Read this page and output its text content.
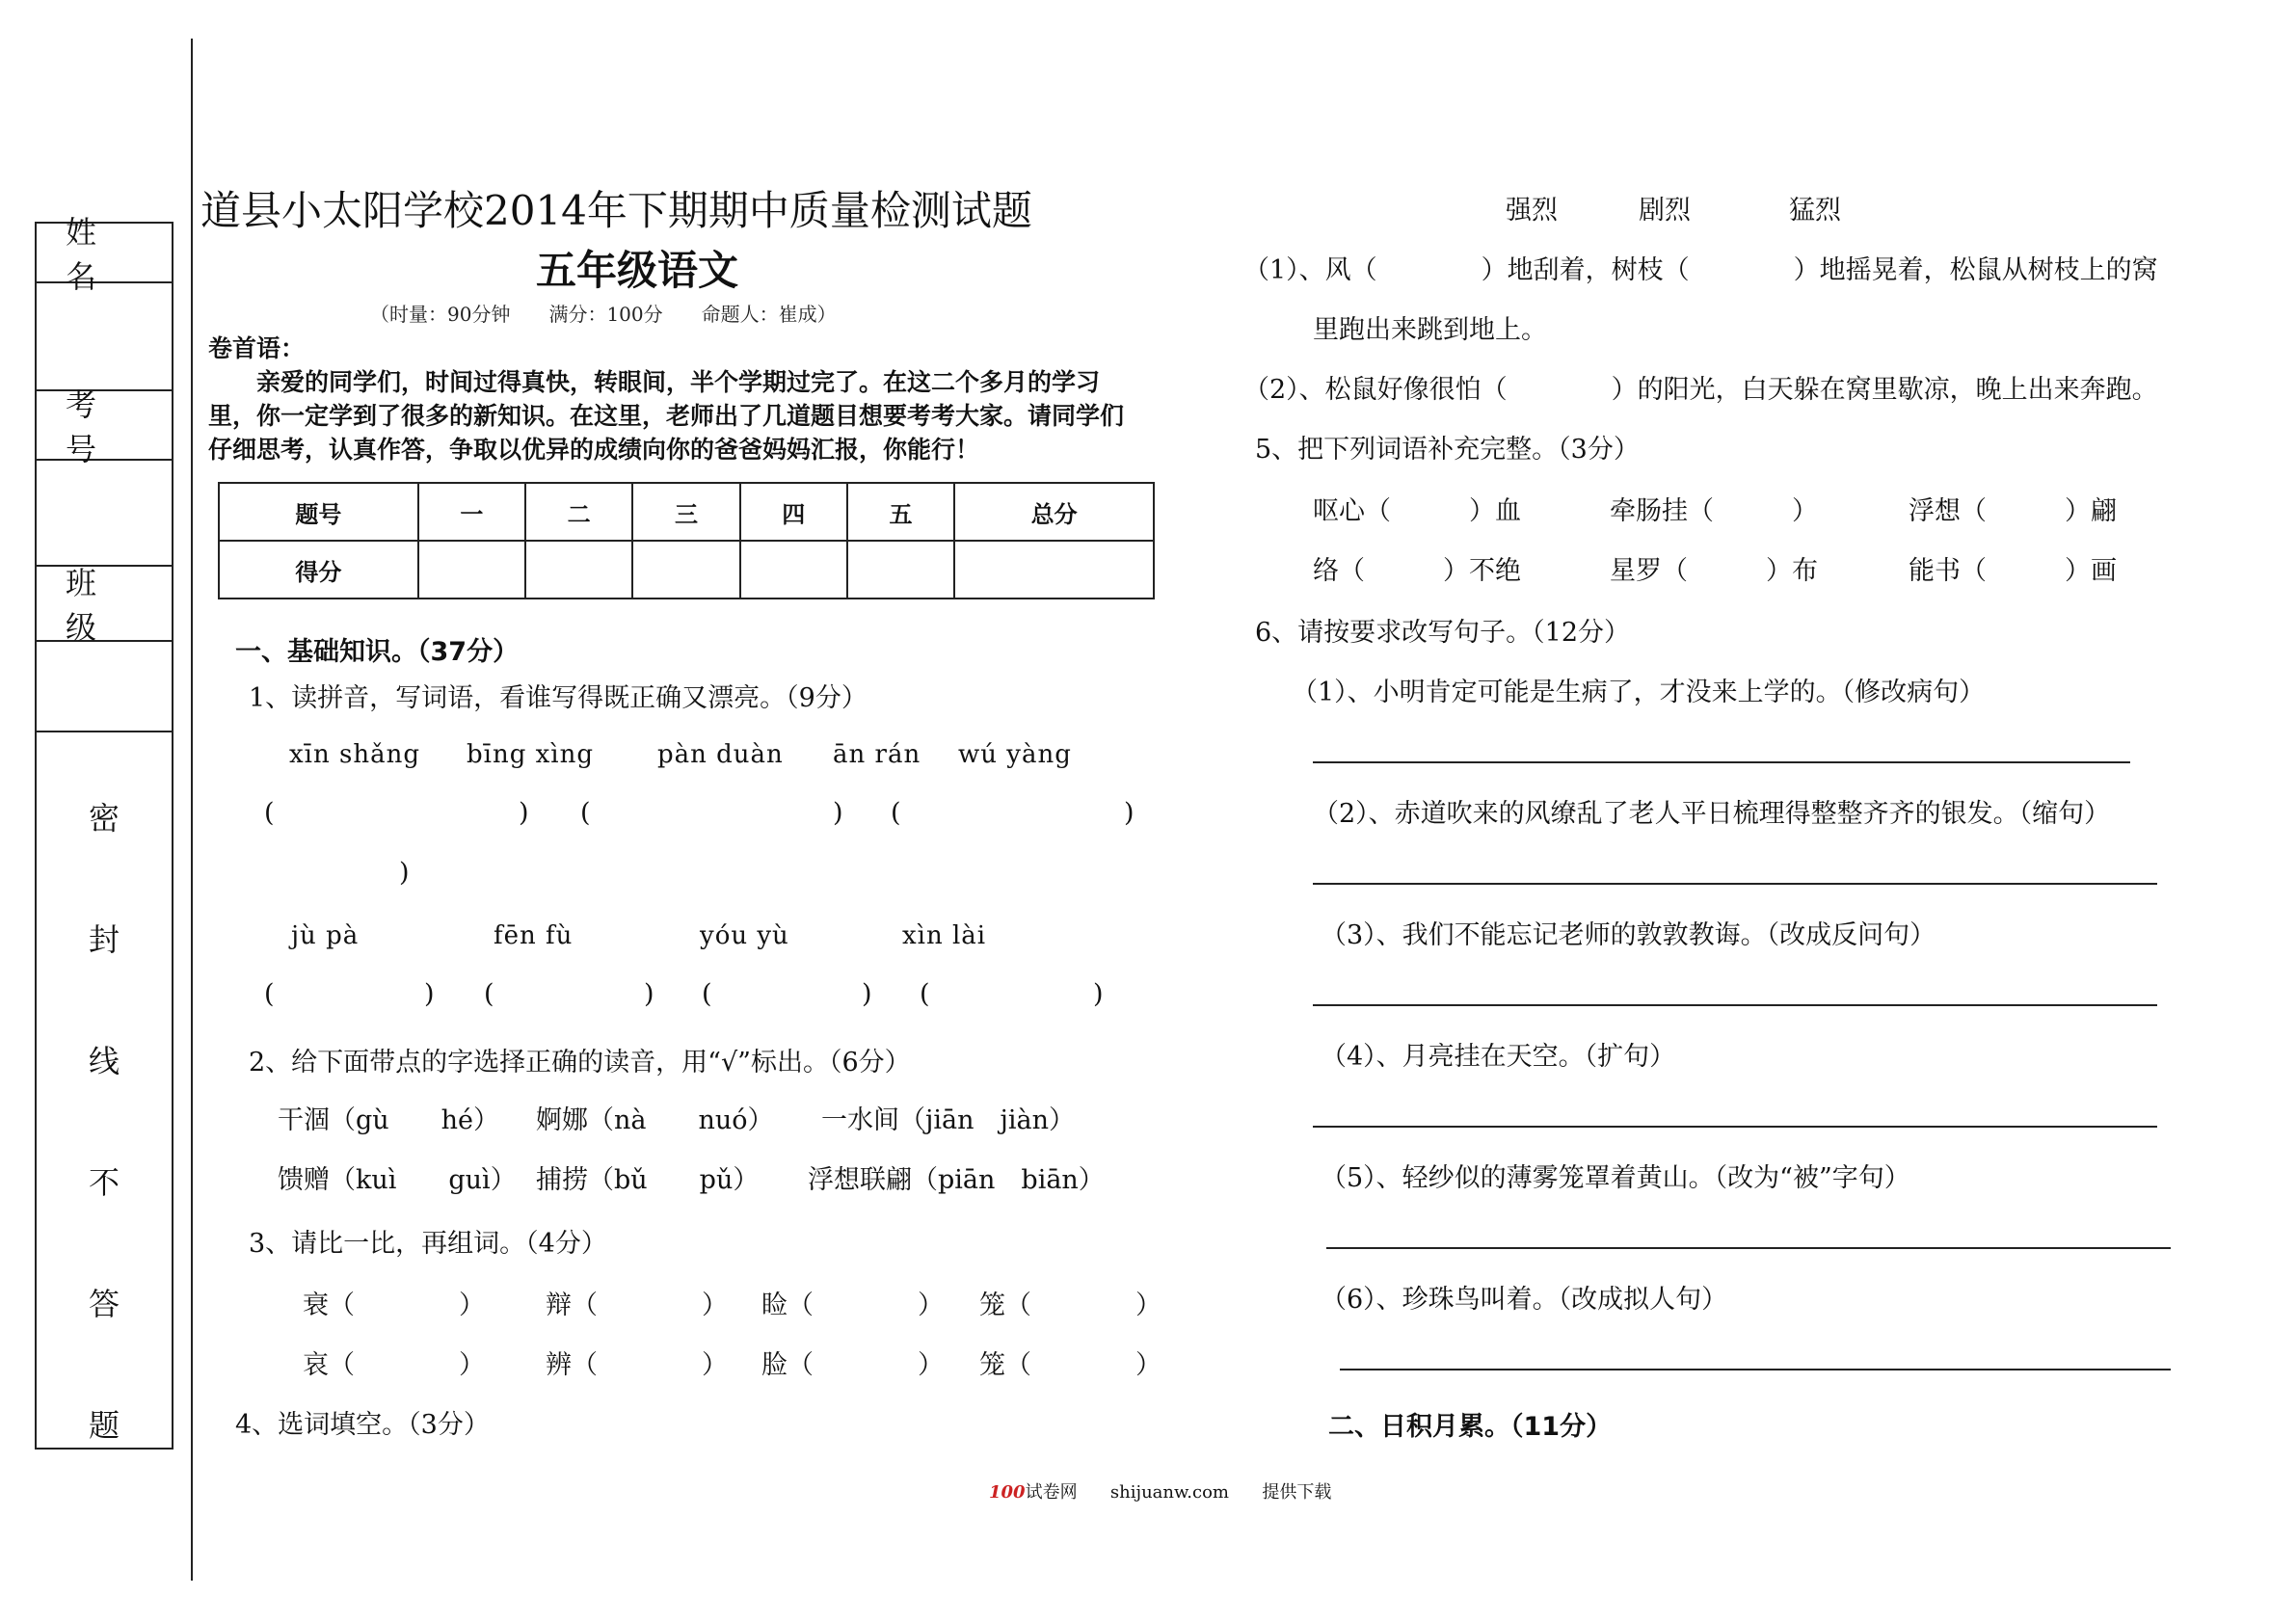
姓名
考号
班级
密
封
线
不
答
题
道县小太阳学校2014年下期期中质量检测试题
五年级语文
（时量：90分钟　　满分：100分　　命题人：崔成）
卷首语：
亲爱的同学们，时间过得真快，转眼间，半个学期过完了。在这二个多月的学习里，你一定学到了很多的新知识。在这里，老师出了几道题目想要考考大家。请同学们仔细思考，认真作答，争取以优异的成绩向你的爸爸妈妈汇报，你能行！
题号	一	二	三	四	五	总分
得分						
一、基础知识。（37分）
1、读拼音，写词语，看谁写得既正确又漂亮。（9分）
xīn shǎng bīng xìng	pàn duàn ān rán wú yàng
(	) (	) (	)
)
jù pà	fēn fù	yóu yù	xìn lài
(	) (	) (	) (	)
2、给下面带点的字选择正确的读音，用“√”标出。（6分）
干涸（gù　　hé） 婀娜（nà　　nuó） 一水间（jiān　jiàn）
馈赠（kuì　　guì） 捕捞（bǔ　　pǔ） 浮想联翩（piān　biān）
3、请比一比，再组词。（4分）
衰（　　　　） 辩（　　　　） 睑（　　　　） 笼（　　　　）
哀（　　　　） 辨（　　　　） 脸（　　　　） 笼（　　　　）
4、选词填空。（3分）
强烈	剧烈	猛烈
（1）、风（　　　　）地刮着，树枝（　　　　）地摇晃着，松鼠从树枝上的窝
里跑出来跳到地上。
（2）、松鼠好像很怕（　　　　）的阳光，白天躲在窝里歇凉，晚上出来奔跑。
5、把下列词语补充完整。（3分）
呕心（　　　）血	牵肠挂（　　　）	浮想（　　　）翩
络（　　　）不绝	星罗（　　　）布	能书（　　　）画
6、请按要求改写句子。（12分）
（1）、小明肯定可能是生病了，才没来上学的。（修改病句）
（2）、赤道吹来的风缭乱了老人平日梳理得整整齐齐的银发。（缩句）
（3）、我们不能忘记老师的敦敦教诲。（改成反问句）
（4）、月亮挂在天空。（扩句）
（5）、轻纱似的薄雾笼罩着黄山。（改为“被”字句）
（6）、珍珠鸟叫着。（改成拟人句）
二、日积月累。（11分）
100试卷网 shijuanw.com 提供下载
